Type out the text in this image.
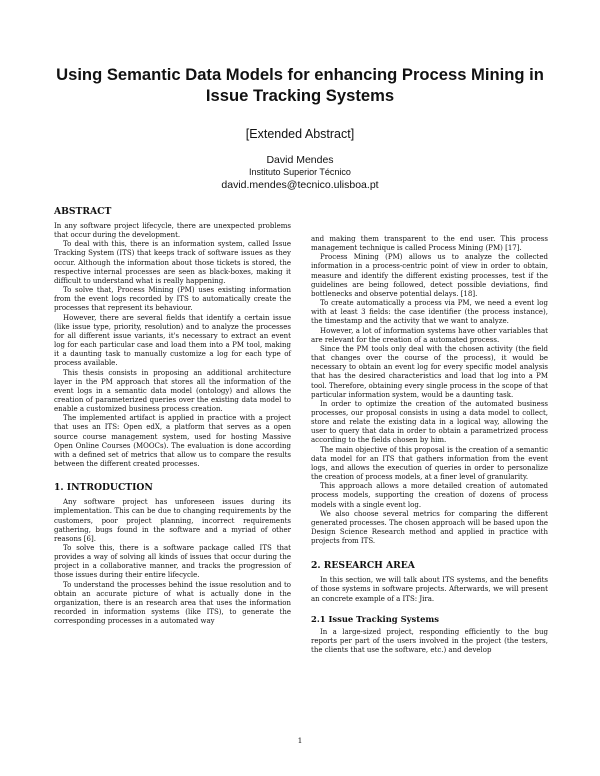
Using Semantic Data Models for enhancing Process Mining in Issue Tracking Systems
[Extended Abstract]
David Mendes
Instituto Superior Técnico
david.mendes@tecnico.ulisboa.pt
ABSTRACT

In any software project lifecycle, there are unexpected problems that occur during the development.

To deal with this, there is an information system, called Issue Tracking System (ITS) that keeps track of software issues as they occur. Although the information about those tickets is stored, the respective internal processes are seen as black-boxes, making it difficult to understand what is really happening.

To solve that, Process Mining (PM) uses existing information from the event logs recorded by ITS to automatically create the processes that represent its behaviour.

However, there are several fields that identify a certain issue (like issue type, priority, resolution) and to analyze the processes for all different issue variants, it's necessary to extract an event log for each particular case and load them into a PM tool, making it a daunting task to manually customize a log for each type of process available.

This thesis consists in proposing an additional architecture layer in the PM approach that stores all the information of the event logs in a semantic data model (ontology) and allows the creation of parameterized queries over the existing data model to enable a customized business process creation.

The implemented artifact is applied in practice with a project that uses an ITS: Open edX, a platform that serves as a open source course management system, used for hosting Massive Open Online Courses (MOOCs). The evaluation is done according with a defined set of metrics that allow us to compare the results between the different created processes.

1. INTRODUCTION

Any software project has unforeseen issues during its implementation. This can be due to changing requirements by the customers, poor project planning, incorrect requirements gathering, bugs found in the software and a myriad of other reasons [6].

To solve this, there is a software package called ITS that provides a way of solving all kinds of issues that occur during the project in a collaborative manner, and tracks the progression of those issues during their entire lifecycle.

To understand the processes behind the issue resolution and to obtain an accurate picture of what is actually done in the organization, there is an research area that uses the information recorded in information systems (like ITS), to generate the corresponding processes in a automated way

and making them transparent to the end user. This process management technique is called Process Mining (PM) [17].

Process Mining (PM) allows us to analyze the collected information in a process-centric point of view in order to obtain, measure and identify the different existing processes, test if the guidelines are being followed, detect possible deviations, find bottlenecks and observe potential delays. [18].

To create automatically a process via PM, we need a event log with at least 3 fields: the case identifier (the process instance), the timestamp and the activity that we want to analyze.

However, a lot of information systems have other variables that are relevant for the creation of a automated process.

Since the PM tools only deal with the chosen activity (the field that changes over the course of the process), it would be necessary to obtain an event log for every specific model analysis that has the desired characteristics and load that log into a PM tool. Therefore, obtaining every single process in the scope of that particular information system, would be a daunting task.

In order to optimize the creation of the automated business processes, our proposal consists in using a data model to collect, store and relate the existing data in a logical way, allowing the user to query that data in order to obtain a parametrized process according to the fields chosen by him.

The main objective of this proposal is the creation of a semantic data model for an ITS that gathers information from the event logs, and allows the execution of queries in order to personalize the creation of process models, at a finer level of granularity.

This approach allows a more detailed creation of automated process models, supporting the creation of dozens of process models with a single event log.

We also choose several metrics for comparing the different generated processes. The chosen approach will be based upon the Design Science Research method and applied in practice with projects from ITS.

2. RESEARCH AREA

In this section, we will talk about ITS systems, and the benefits of those systems in software projects. Afterwards, we will present an concrete example of a ITS: Jira.

2.1 Issue Tracking Systems

In a large-sized project, responding efficiently to the bug reports per part of the users involved in the project (the testers, the clients that use the software, etc.) and develop

1
